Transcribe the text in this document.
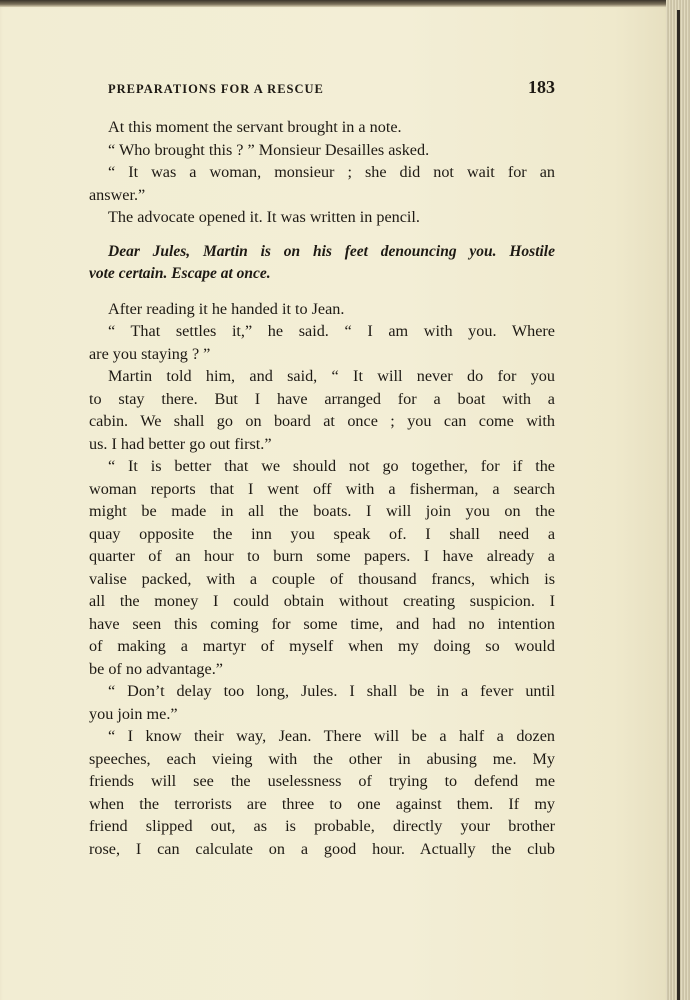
PREPARATIONS FOR A RESCUE	183
At this moment the servant brought in a note.
“ Who brought this ? ” Monsieur Desailles asked.
“ It was a woman, monsieur ; she did not wait for an
answer.”
The advocate opened it. It was written in pencil.
Dear Jules, Martin is on his feet denouncing you. Hostile
vote certain. Escape at once.
After reading it he handed it to Jean.
“ That settles it,” he said. “ I am with you. Where
are you staying ? ”
Martin told him, and said, “ It will never do for you
to stay there. But I have arranged for a boat with a
cabin. We shall go on board at once ; you can come with
us. I had better go out first.”
“ It is better that we should not go together, for if the
woman reports that I went off with a fisherman, a search
might be made in all the boats. I will join you on the
quay opposite the inn you speak of. I shall need a
quarter of an hour to burn some papers. I have already a
valise packed, with a couple of thousand francs, which is
all the money I could obtain without creating suspicion. I
have seen this coming for some time, and had no intention
of making a martyr of myself when my doing so would
be of no advantage.”
“ Don’t delay too long, Jules. I shall be in a fever until
you join me.”
“ I know their way, Jean. There will be a half a dozen
speeches, each vieing with the other in abusing me. My
friends will see the uselessness of trying to defend me
when the terrorists are three to one against them. If my
friend slipped out, as is probable, directly your brother
rose, I can calculate on a good hour. Actually the club
